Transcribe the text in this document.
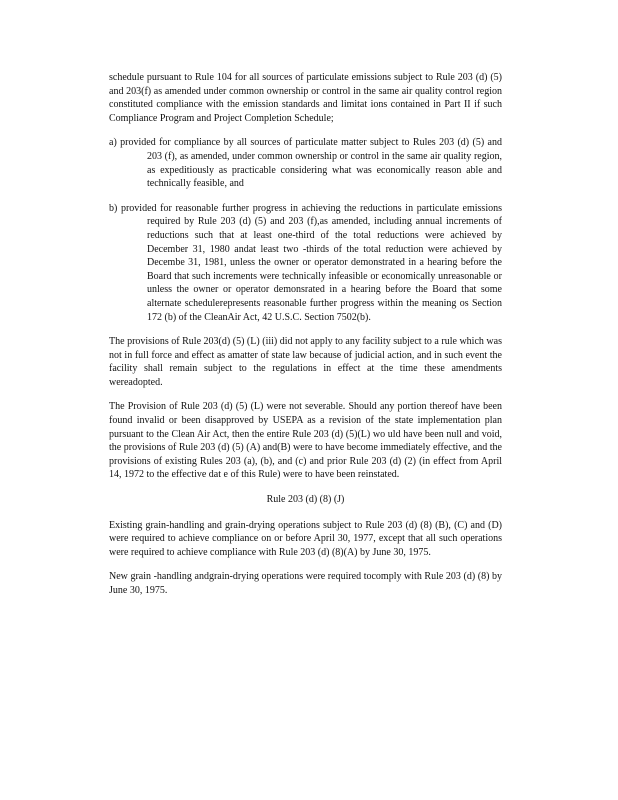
schedule pursuant to Rule 104 for all sources of particulate emissions subject to Rule 203 (d) (5) and 203(f) as amended under common ownership or control in the same air quality control region constituted compliance with the emission standards and limitat ions contained in Part II if such Compliance Program and Project Completion Schedule;

a) provided for compliance by all sources of particulate matter subject to Rules 203 (d) (5) and 203 (f), as amended, under common ownership or control in the same air quality region, as expeditiously as practicable considering what was economically reason able and technically feasible, and

b) provided for reasonable further progress in achieving the reductions in particulate emissions required by Rule 203 (d) (5) and 203 (f),as amended, including annual increments of reductions such that at least one-third of the total reductions were achieved by December 31, 1980 andat least two -thirds of the total reduction were achieved by Decembe 31, 1981, unless the owner or operator demonstrated in a hearing before the Board that such increments were technically infeasible or economically unreasonable or unless the owner or operator demonsrated in a hearing before the Board that some alternate schedulerepresents reasonable further progress within the meaning os Section 172 (b) of the CleanAir Act, 42 U.S.C. Section 7502(b).

The provisions of Rule 203(d) (5) (L) (iii) did not apply to any facility subject to a rule which was not in full force and effect as amatter of state law because of judicial action, and in such event the facility shall remain subject to the regulations in effect at the time these amendments wereadopted.

The Provision of Rule 203 (d) (5) (L) were not severable. Should any portion thereof have been found invalid or been disapproved by USEPA as a revision of the state implementation plan pursuant to the Clean Air Act, then the entire Rule 203 (d) (5)(L) wo uld have been null and void, the provisions of Rule 203 (d) (5) (A) and(B) were to have become immediately effective, and the provisions of existing Rules 203 (a), (b), and (c) and prior Rule 203 (d) (2) (in effect from April 14, 1972 to the effective dat e of this Rule) were to have been reinstated.

Rule 203 (d) (8) (J)

Existing grain-handling and grain-drying operations subject to Rule 203 (d) (8) (B), (C) and (D) were required to achieve compliance on or before April 30, 1977, except that all such operations were required to achieve compliance with Rule 203 (d) (8)(A) by June 30, 1975.

New grain -handling andgrain-drying operations were required tocomply with Rule 203 (d) (8) by June 30, 1975.
